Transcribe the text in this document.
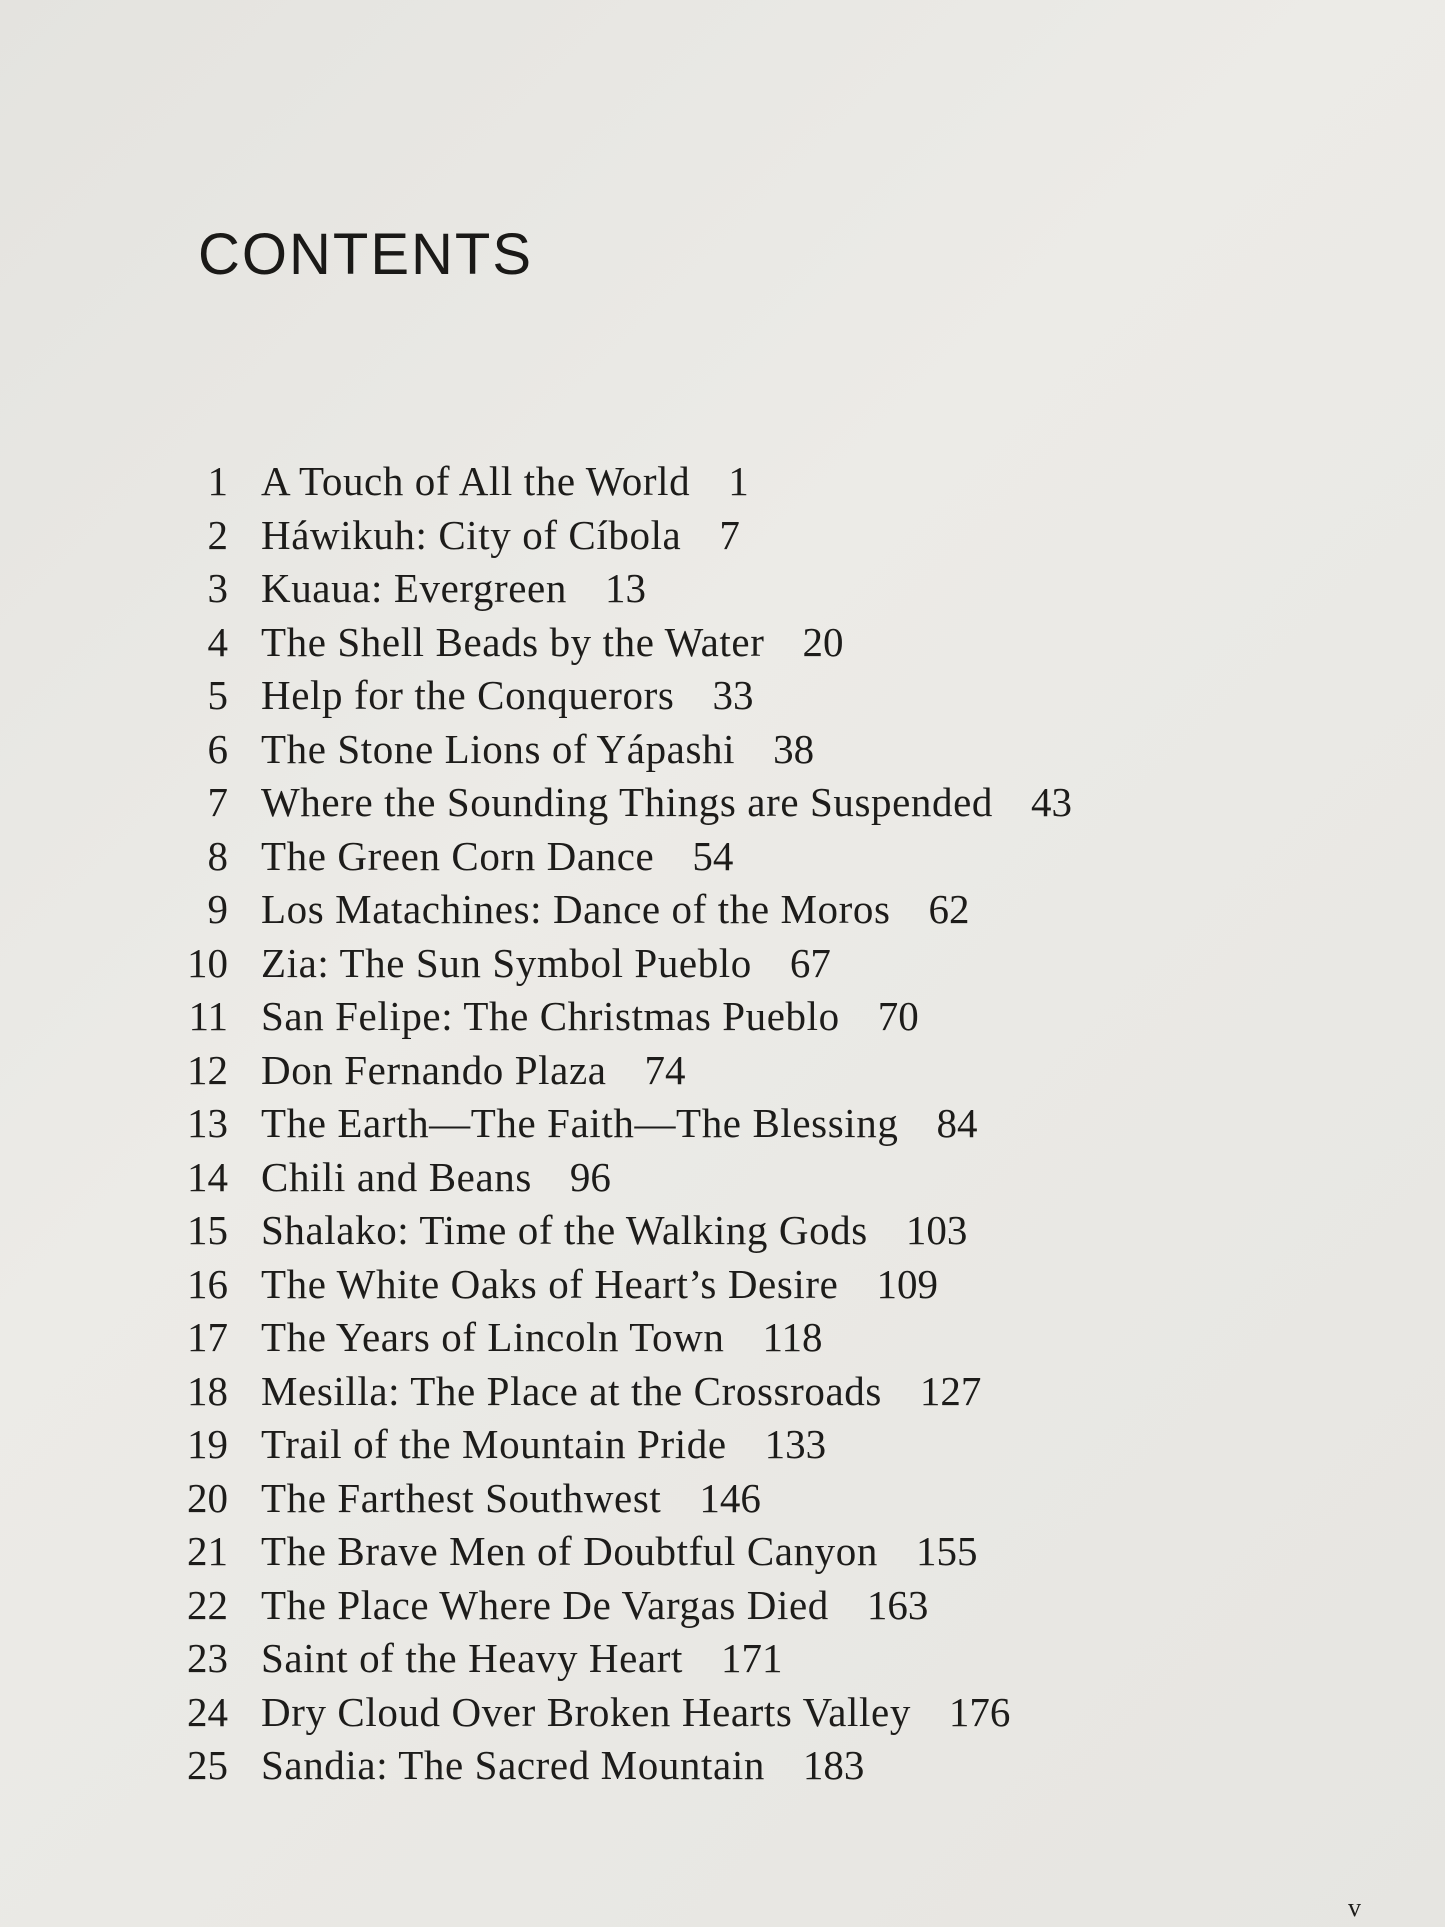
CONTENTS
1 A Touch of All the World 1
2 Háwikuh: City of Cíbola 7
3 Kuaua: Evergreen 13
4 The Shell Beads by the Water 20
5 Help for the Conquerors 33
6 The Stone Lions of Yápashi 38
7 Where the Sounding Things are Suspended 43
8 The Green Corn Dance 54
9 Los Matachines: Dance of the Moros 62
10 Zia: The Sun Symbol Pueblo 67
11 San Felipe: The Christmas Pueblo 70
12 Don Fernando Plaza 74
13 The Earth—The Faith—The Blessing 84
14 Chili and Beans 96
15 Shalako: Time of the Walking Gods 103
16 The White Oaks of Heart’s Desire 109
17 The Years of Lincoln Town 118
18 Mesilla: The Place at the Crossroads 127
19 Trail of the Mountain Pride 133
20 The Farthest Southwest 146
21 The Brave Men of Doubtful Canyon 155
22 The Place Where De Vargas Died 163
23 Saint of the Heavy Heart 171
24 Dry Cloud Over Broken Hearts Valley 176
25 Sandia: The Sacred Mountain 183
v
